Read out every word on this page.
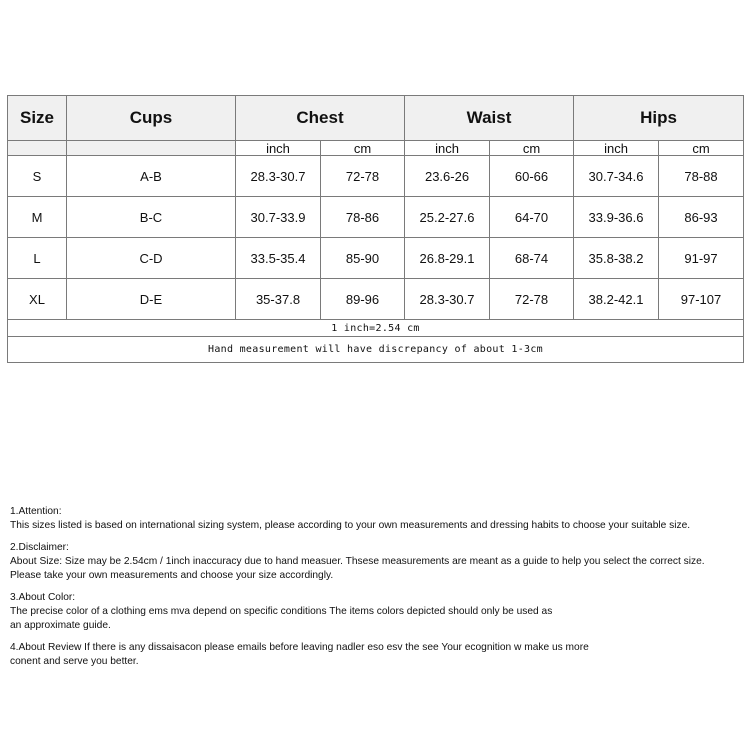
Size	Cups	Chest		Waist		Hips	
		inch	cm	inch	cm	inch	cm
S	A-B	28.3-30.7	72-78	23.6-26	60-66	30.7-34.6	78-88
M	B-C	30.7-33.9	78-86	25.2-27.6	64-70	33.9-36.6	86-93
L	C-D	33.5-35.4	85-90	26.8-29.1	68-74	35.8-38.2	91-97
XL	D-E	35-37.8	89-96	28.3-30.7	72-78	38.2-42.1	97-107
1 inch=2.54 cm							
Hand measurement will have discrepancy of about 1-3cm							

1.Attention:

This sizes listed is based on international sizing system, please according to your own measurements and dressing habits to choose your suitable size.

2.Disclaimer:

About Size: Size may be 2.54cm / 1inch inaccuracy due to hand measuer. Thsese measurements are meant as a guide to help you select the correct size.

Please take your own measurements and choose your size accordingly.

3.About Color:

The precise color of a clothing ems mva depend on specific conditions The items colors depicted should only be used as

an approximate guide.

4.About Review If there is any dissaisacon please emails before leaving nadler eso esv the see Your ecognition w make us more

conent and serve you better.
